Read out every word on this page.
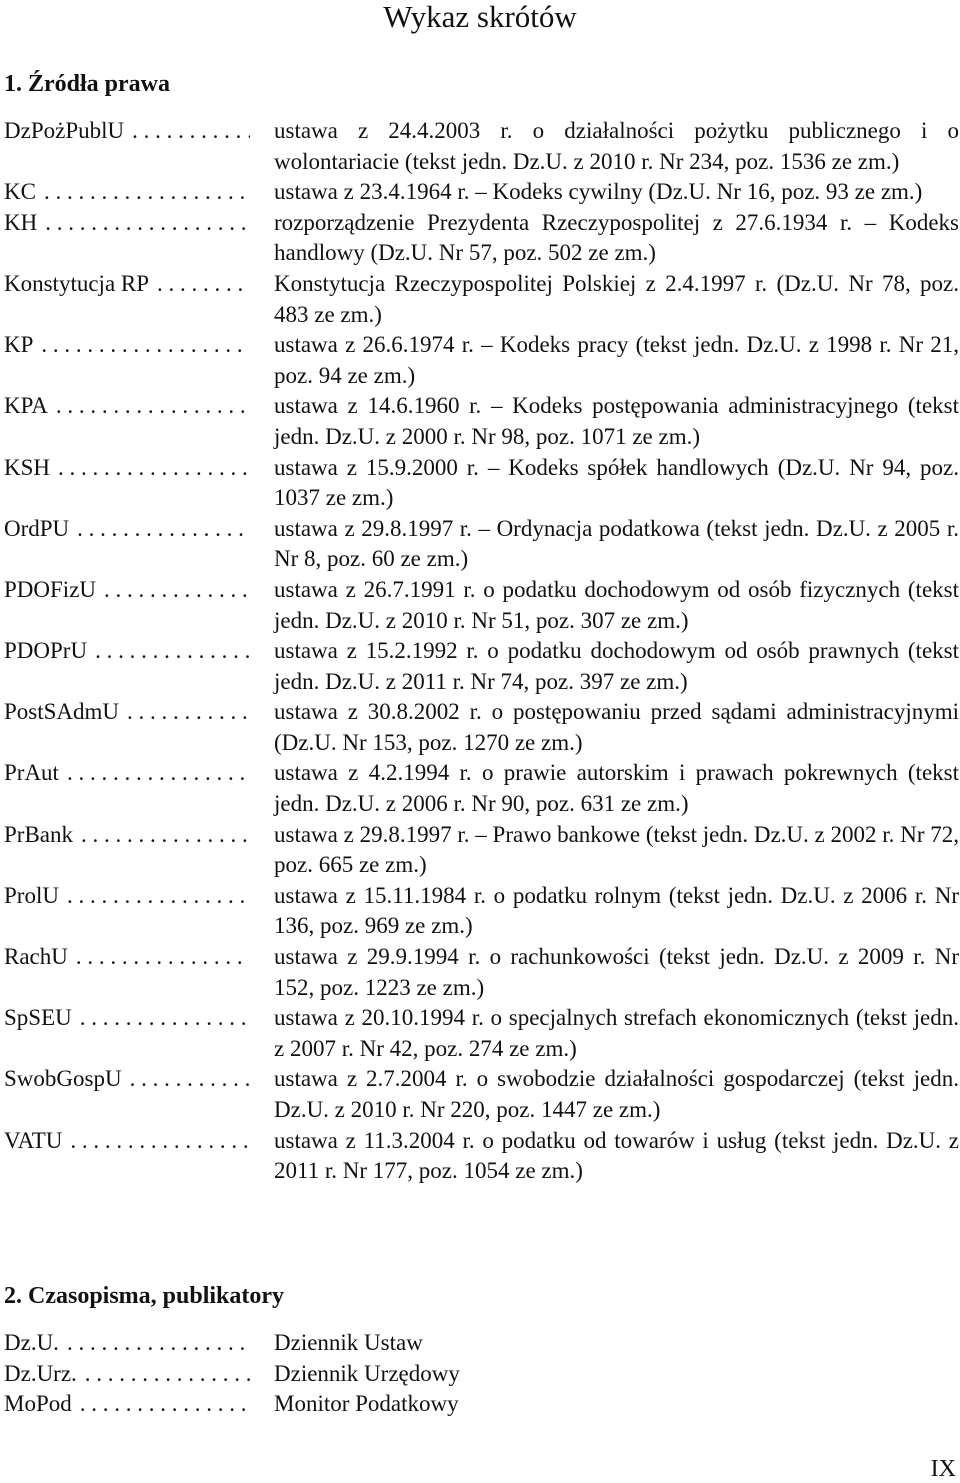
Wykaz skrótów
1. Źródła prawa
DzPożPublU . . .	ustawa z 24.4.2003 r. o działalności pożytku publicznego i o wolontariacie (tekst jedn. Dz.U. z 2010 r. Nr 234, poz. 1536 ze zm.)
KC . . .	ustawa z 23.4.1964 r. – Kodeks cywilny (Dz.U. Nr 16, poz. 93 ze zm.)
KH . . .	rozporządzenie Prezydenta Rzeczypospolitej z 27.6.1934 r. – Kodeks handlowy (Dz.U. Nr 57, poz. 502 ze zm.)
Konstytucja RP . . .	Konstytucja Rzeczypospolitej Polskiej z 2.4.1997 r. (Dz.U. Nr 78, poz. 483 ze zm.)
KP . . .	ustawa z 26.6.1974 r. – Kodeks pracy (tekst jedn. Dz.U. z 1998 r. Nr 21, poz. 94 ze zm.)
KPA . . .	ustawa z 14.6.1960 r. – Kodeks postępowania administracyjnego (tekst jedn. Dz.U. z 2000 r. Nr 98, poz. 1071 ze zm.)
KSH . . .	ustawa z 15.9.2000 r. – Kodeks spółek handlowych (Dz.U. Nr 94, poz. 1037 ze zm.)
OrdPU . . .	ustawa z 29.8.1997 r. – Ordynacja podatkowa (tekst jedn. Dz.U. z 2005 r. Nr 8, poz. 60 ze zm.)
PDOFizU . . .	ustawa z 26.7.1991 r. o podatku dochodowym od osób fizycznych (tekst jedn. Dz.U. z 2010 r. Nr 51, poz. 307 ze zm.)
PDOPrU . . .	ustawa z 15.2.1992 r. o podatku dochodowym od osób prawnych (tekst jedn. Dz.U. z 2011 r. Nr 74, poz. 397 ze zm.)
PostSAdmU . . .	ustawa z 30.8.2002 r. o postępowaniu przed sądami administracyjnymi (Dz.U. Nr 153, poz. 1270 ze zm.)
PrAut . . .	ustawa z 4.2.1994 r. o prawie autorskim i prawach pokrewnych (tekst jedn. Dz.U. z 2006 r. Nr 90, poz. 631 ze zm.)
PrBank . . .	ustawa z 29.8.1997 r. – Prawo bankowe (tekst jedn. Dz.U. z 2002 r. Nr 72, poz. 665 ze zm.)
ProlU . . .	ustawa z 15.11.1984 r. o podatku rolnym (tekst jedn. Dz.U. z 2006 r. Nr 136, poz. 969 ze zm.)
RachU . . .	ustawa z 29.9.1994 r. o rachunkowości (tekst jedn. Dz.U. z 2009 r. Nr 152, poz. 1223 ze zm.)
SpSEU . . .	ustawa z 20.10.1994 r. o specjalnych strefach ekonomicznych (tekst jedn. z 2007 r. Nr 42, poz. 274 ze zm.)
SwobGospU . . .	ustawa z 2.7.2004 r. o swobodzie działalności gospodarczej (tekst jedn. Dz.U. z 2010 r. Nr 220, poz. 1447 ze zm.)
VATU . . .	ustawa z 11.3.2004 r. o podatku od towarów i usług (tekst jedn. Dz.U. z 2011 r. Nr 177, poz. 1054 ze zm.)
2. Czasopisma, publikatory
Dz.U. . . .	Dziennik Ustaw
Dz.Urz. . . .	Dziennik Urzędowy
MoPod . . .	Monitor Podatkowy
IX
